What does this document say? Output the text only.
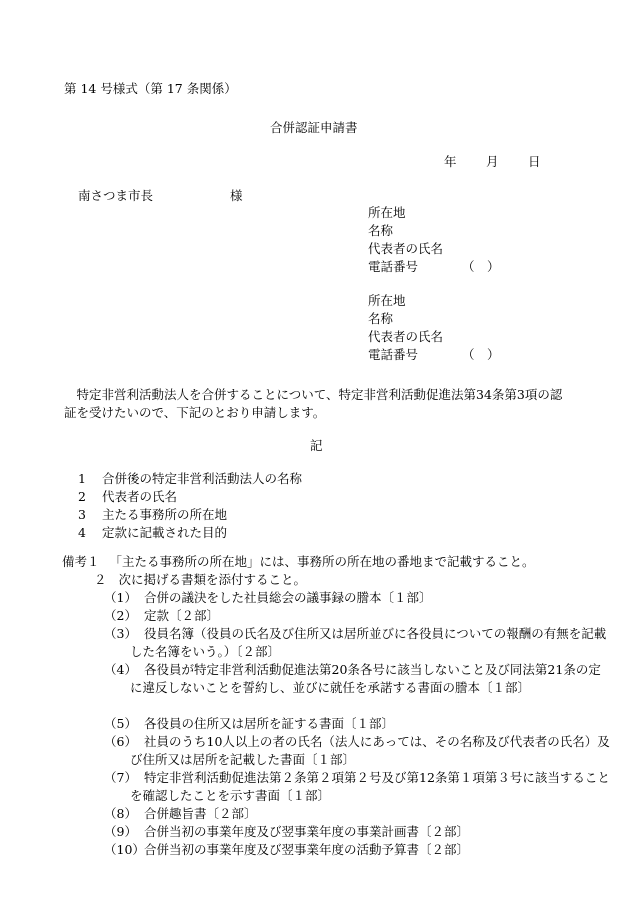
第 14 号様式（第 17 条関係）
合併認証申請書
年 月 日
南さつま市長	様
所在地
名称
代表者の氏名
電話番号	（　）
所在地
名称
代表者の氏名
電話番号	（　）
特定非営利活動法人を合併することについて、特定非営利活動促進法第34条第3項の認証を受けたいので、下記のとおり申請します。
記
1 合併後の特定非営利活動法人の名称
2 代表者の氏名
3 主たる事務所の所在地
4 定款に記載された目的
備考１ 「主たる事務所の所在地」には、事務所の所在地の番地まで記載すること。
２ 次に掲げる書類を添付すること。
（1） 合併の議決をした社員総会の議事録の謄本〔１部〕
（2） 定款〔２部〕
（3） 役員名簿（役員の氏名及び住所又は居所並びに各役員についての報酬の有無を記載した名簿をいう。）〔２部〕
（4） 各役員が特定非営利活動促進法第20条各号に該当しないこと及び同法第21条の定に違反しないことを誓約し、並びに就任を承諾する書面の謄本〔１部〕
（5） 各役員の住所又は居所を証する書面〔１部〕
（6） 社員のうち10人以上の者の氏名（法人にあっては、その名称及び代表者の氏名）及び住所又は居所を記載した書面〔１部〕
（7） 特定非営利活動促進法第２条第２項第２号及び第12条第１項第３号に該当することを確認したことを示す書面〔１部〕
（8） 合併趣旨書〔２部〕
（9） 合併当初の事業年度及び翌事業年度の事業計画書〔２部〕
（10）合併当初の事業年度及び翌事業年度の活動予算書〔２部〕
